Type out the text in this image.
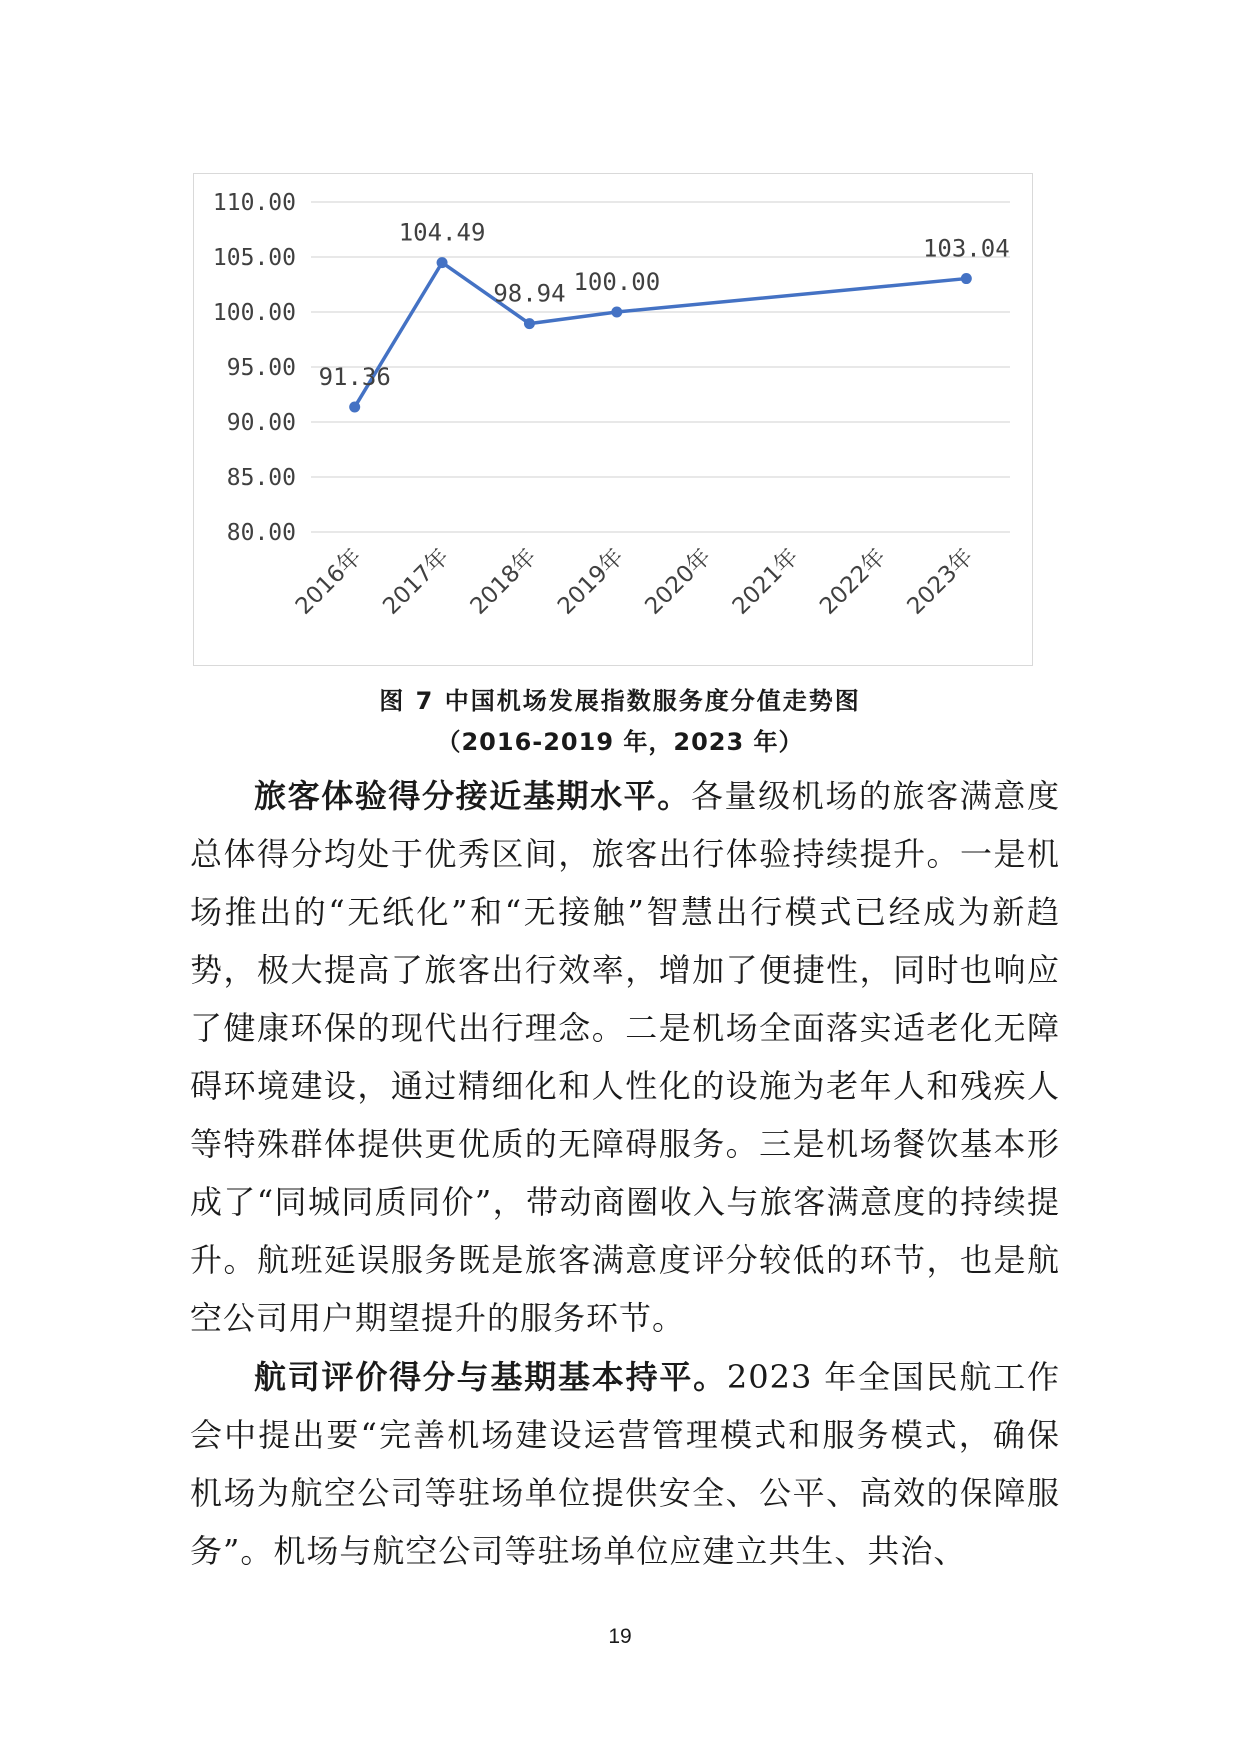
80.00
85.00
90.00
95.00
100.00
105.00
110.00
2016年 2017年 2018年 2019年 2020年 2021年 2022年 2023年
91.36
104.49
98.94 100.00
103.04
图 7 中国机场发展指数服务度分值走势图
（2016-2019 年，2023 年）

旅客体验得分接近基期水平。各量级机场的旅客满意度总体得分均处于优秀区间，旅客出行体验持续提升。一是机场推出的“无纸化”和“无接触”智慧出行模式已经成为新趋势，极大提高了旅客出行效率，增加了便捷性，同时也响应了健康环保的现代出行理念。二是机场全面落实适老化无障碍环境建设，通过精细化和人性化的设施为老年人和残疾人等特殊群体提供更优质的无障碍服务。三是机场餐饮基本形成了“同城同质同价”，带动商圈收入与旅客满意度的持续提升。航班延误服务既是旅客满意度评分较低的环节，也是航空公司用户期望提升的服务环节。

航司评价得分与基期基本持平。2023 年全国民航工作会中提出要“完善机场建设运营管理模式和服务模式，确保机场为航空公司等驻场单位提供安全、公平、高效的保障服务”。机场与航空公司等驻场单位应建立共生、共治、

19
